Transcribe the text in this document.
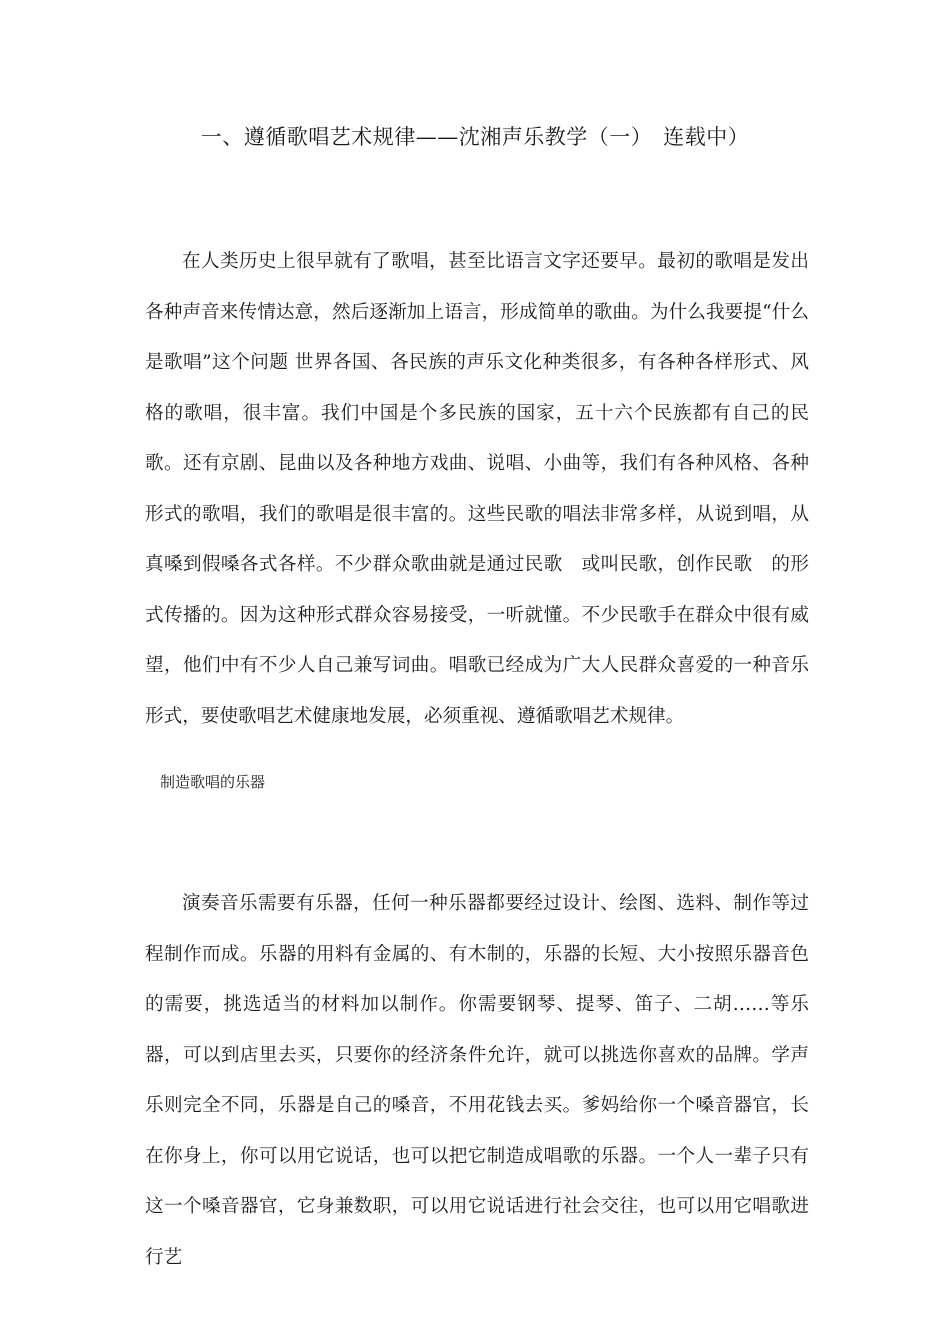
一、遵循歌唱艺术规律——沈湘声乐教学（一）　连载中）

在人类历史上很早就有了歌唱，甚至比语言文字还要早。最初的歌唱是发出各种声音来传情达意，然后逐渐加上语言，形成简单的歌曲。为什么我要提“什么是歌唱”这个问题 世界各国、各民族的声乐文化种类很多，有各种各样形式、风格的歌唱，很丰富。我们中国是个多民族的国家，五十六个民族都有自己的民歌。还有京剧、昆曲以及各种地方戏曲、说唱、小曲等，我们有各种风格、各种形式的歌唱，我们的歌唱是很丰富的。这些民歌的唱法非常多样，从说到唱，从真嗓到假嗓各式各样。不少群众歌曲就是通过民歌　或叫民歌，创作民歌　的形式传播的。因为这种形式群众容易接受，一听就懂。不少民歌手在群众中很有威望，他们中有不少人自己兼写词曲。唱歌已经成为广大人民群众喜爱的一种音乐形式，要使歌唱艺术健康地发展，必须重视、遵循歌唱艺术规律。

制造歌唱的乐器

演奏音乐需要有乐器，任何一种乐器都要经过设计、绘图、选料、制作等过程制作而成。乐器的用料有金属的、有木制的，乐器的长短、大小按照乐器音色的需要，挑选适当的材料加以制作。你需要钢琴、提琴、笛子、二胡……等乐器，可以到店里去买，只要你的经济条件允许，就可以挑选你喜欢的品牌。学声乐则完全不同，乐器是自己的嗓音，不用花钱去买。爹妈给你一个嗓音器官，长在你身上，你可以用它说话，也可以把它制造成唱歌的乐器。一个人一辈子只有这一个嗓音器官，它身兼数职，可以用它说话进行社会交往，也可以用它唱歌进行艺
